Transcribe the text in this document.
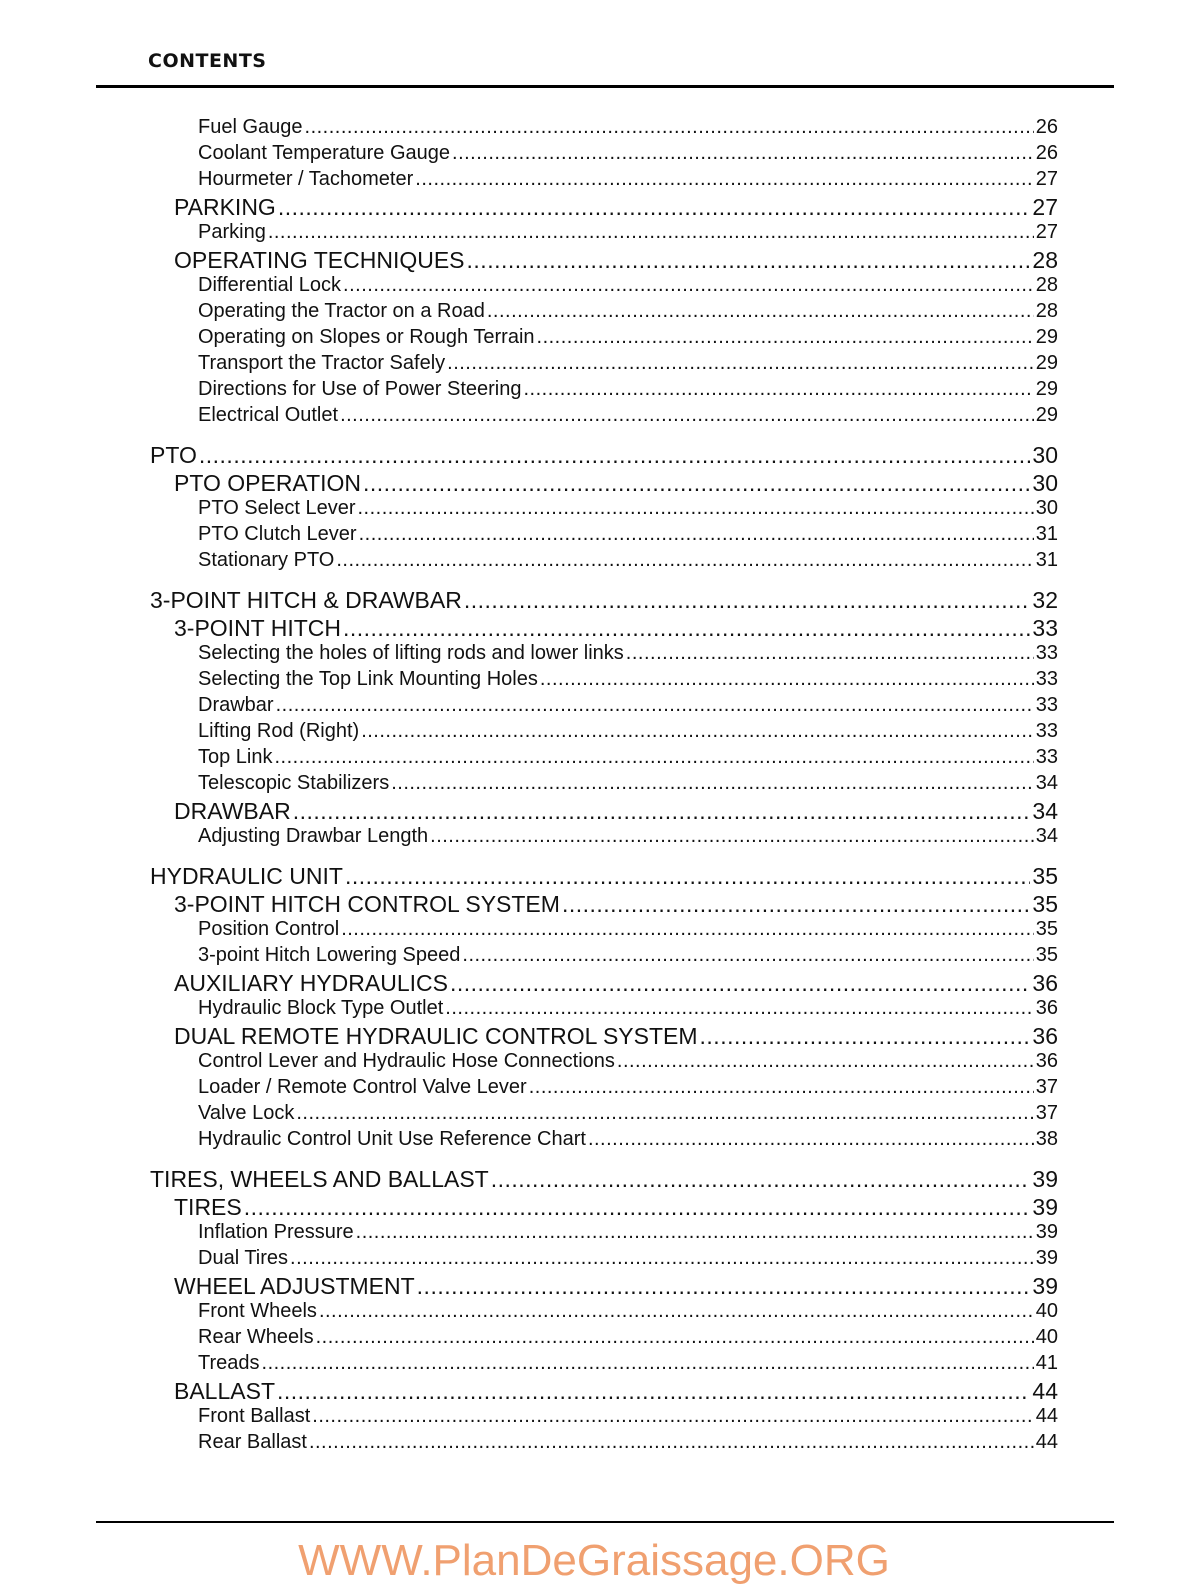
CONTENTS
Fuel Gauge .....	26
Coolant Temperature Gauge .....	26
Hourmeter / Tachometer .....	27
PARKING .....	27
Parking .....	27
OPERATING TECHNIQUES .....	28
Differential Lock .....	28
Operating the Tractor on a Road .....	28
Operating on Slopes or Rough Terrain .....	29
Transport the Tractor Safely .....	29
Directions for Use of Power Steering .....	29
Electrical Outlet .....	29
PTO .....	30
PTO OPERATION .....	30
PTO Select Lever .....	30
PTO Clutch Lever .....	31
Stationary PTO .....	31
3-POINT HITCH & DRAWBAR .....	32
3-POINT HITCH .....	33
Selecting the holes of lifting rods and lower links .....	33
Selecting the Top Link Mounting Holes .....	33
Drawbar .....	33
Lifting Rod (Right) .....	33
Top Link .....	33
Telescopic Stabilizers .....	34
DRAWBAR .....	34
Adjusting Drawbar Length .....	34
HYDRAULIC UNIT .....	35
3-POINT HITCH CONTROL SYSTEM .....	35
Position Control .....	35
3-point Hitch Lowering Speed .....	35
AUXILIARY HYDRAULICS .....	36
Hydraulic Block Type Outlet .....	36
DUAL REMOTE HYDRAULIC CONTROL SYSTEM .....	36
Control Lever and Hydraulic Hose Connections .....	36
Loader / Remote Control Valve Lever .....	37
Valve Lock .....	37
Hydraulic Control Unit Use Reference Chart .....	38
TIRES, WHEELS AND BALLAST .....	39
TIRES .....	39
Inflation Pressure .....	39
Dual Tires .....	39
WHEEL ADJUSTMENT .....	39
Front Wheels .....	40
Rear Wheels .....	40
Treads .....	41
BALLAST .....	44
Front Ballast .....	44
Rear Ballast .....	44
WWW.PlanDeGraissage.ORG
